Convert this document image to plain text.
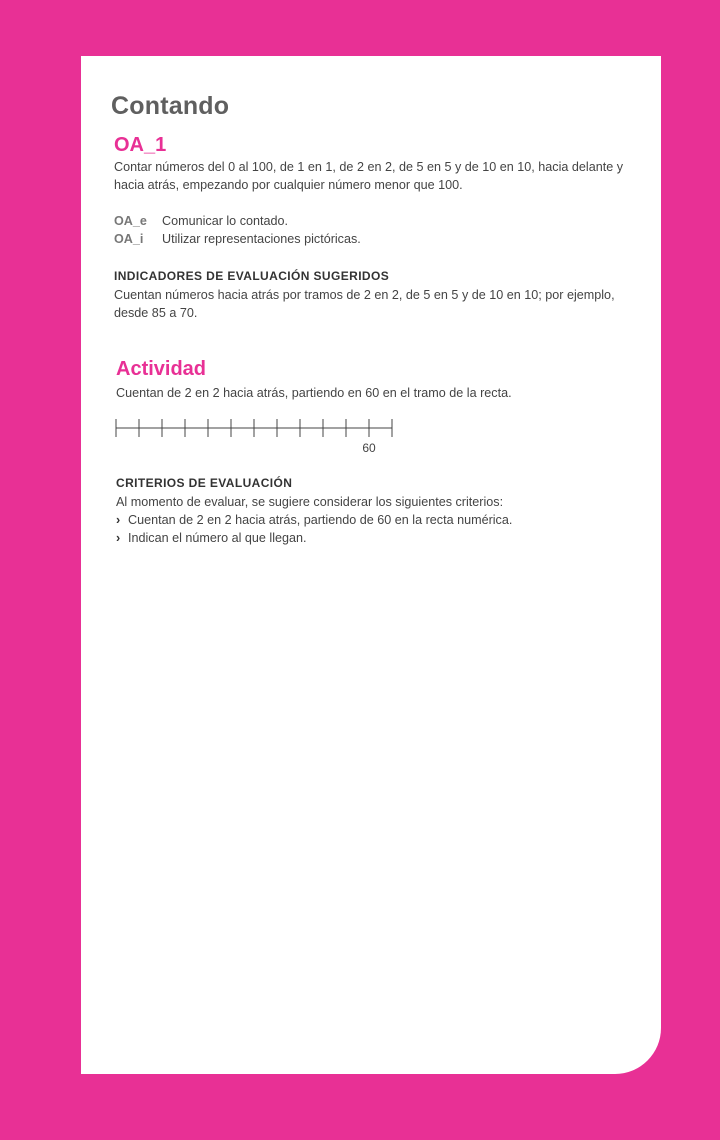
Contando
OA_1
Contar números del 0 al 100, de 1 en 1, de 2 en 2, de 5 en 5 y de 10 en 10, hacia delante y
hacia atrás, empezando por cualquier número menor que 100.
OA_e Comunicar lo contado.
OA_i Utilizar representaciones pictóricas.
INDICADORES DE EVALUACIÓN SUGERIDOS
Cuentan números hacia atrás por tramos de 2 en 2, de 5 en 5 y de 10 en 10; por ejemplo,
desde 85 a 70.
Actividad
Cuentan de 2 en 2 hacia atrás, partiendo en 60 en el tramo de la recta.
60
CRITERIOS DE EVALUACIÓN
Al momento de evaluar, se sugiere considerar los siguientes criterios:
› Cuentan de 2 en 2 hacia atrás, partiendo de 60 en la recta numérica.
› Indican el número al que llegan.
